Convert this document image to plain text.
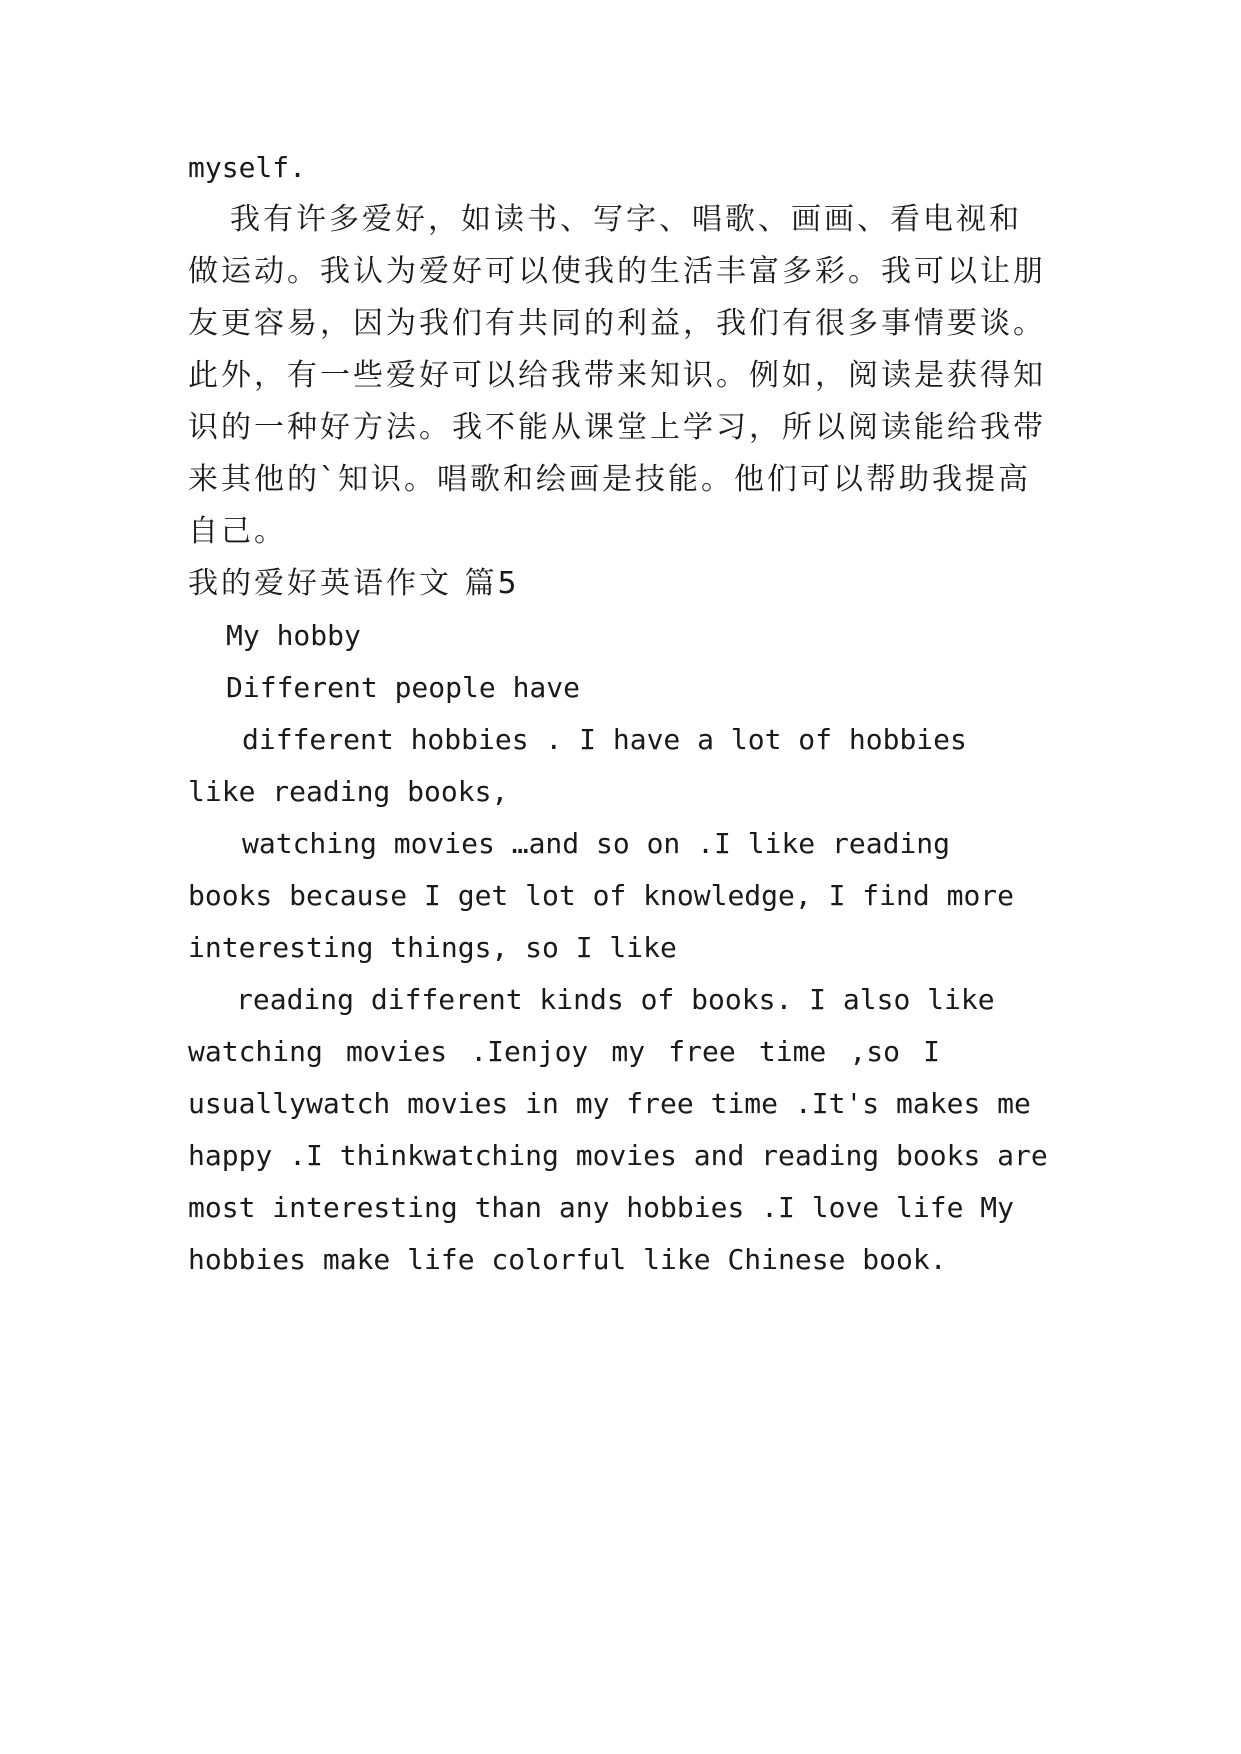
myself.
我有许多爱好，如读书、写字、唱歌、画画、看电视和
做运动。我认为爱好可以使我的生活丰富多彩。我可以让朋
友更容易，因为我们有共同的利益，我们有很多事情要谈。
此外，有一些爱好可以给我带来知识。例如，阅读是获得知
识的一种好方法。我不能从课堂上学习，所以阅读能给我带
来其他的`知识。唱歌和绘画是技能。他们可以帮助我提高
自己。
我的爱好英语作文 篇5
My hobby
Different people have
different hobbies . I have a lot of hobbies
like reading books,
watching movies …and so on .I like reading
books because I get lot of knowledge, I find more
interesting things, so I like
reading different kinds of books. I also like
watching movies .Ienjoy my free time ,so I
usuallywatch movies in my free time .It's makes me
happy .I thinkwatching movies and reading books are
most interesting than any hobbies .I love life My
hobbies make life colorful like Chinese book.
